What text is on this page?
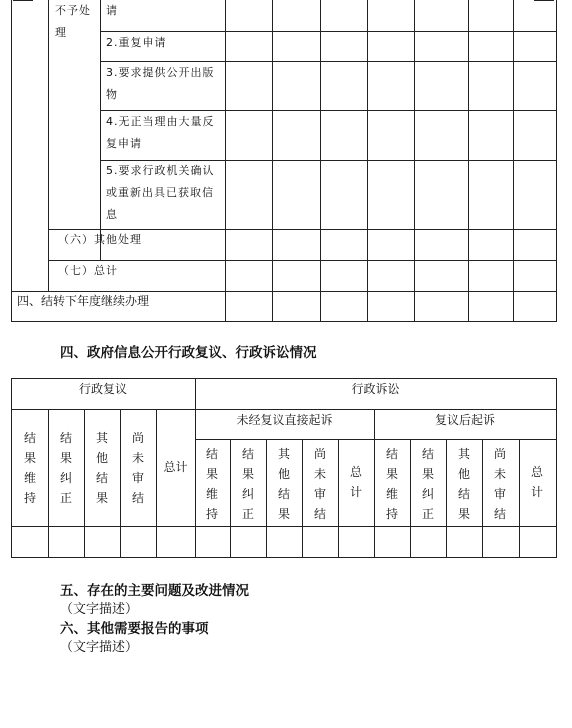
不予处
理
请
2.重复申请
3.要求提供公开出版
物
4.无正当理由大量反
复申请
5.要求行政机关确认
或重新出具已获取信
息
（六）其他处理
（七）总计
四、结转下年度继续办理
四、政府信息公开行政复议、行政诉讼情况
行政复议	行政诉讼
未经复议直接起诉	复议后起诉
结果维持
结果纠正
其他结果
尚未审结
总计
结果维持
结果纠正
其他结果
尚未审结
总计
结果维持
结果纠正
其他结果
尚未审结
总计
五、存在的主要问题及改进情况
（文字描述）
六、其他需要报告的事项
（文字描述）
